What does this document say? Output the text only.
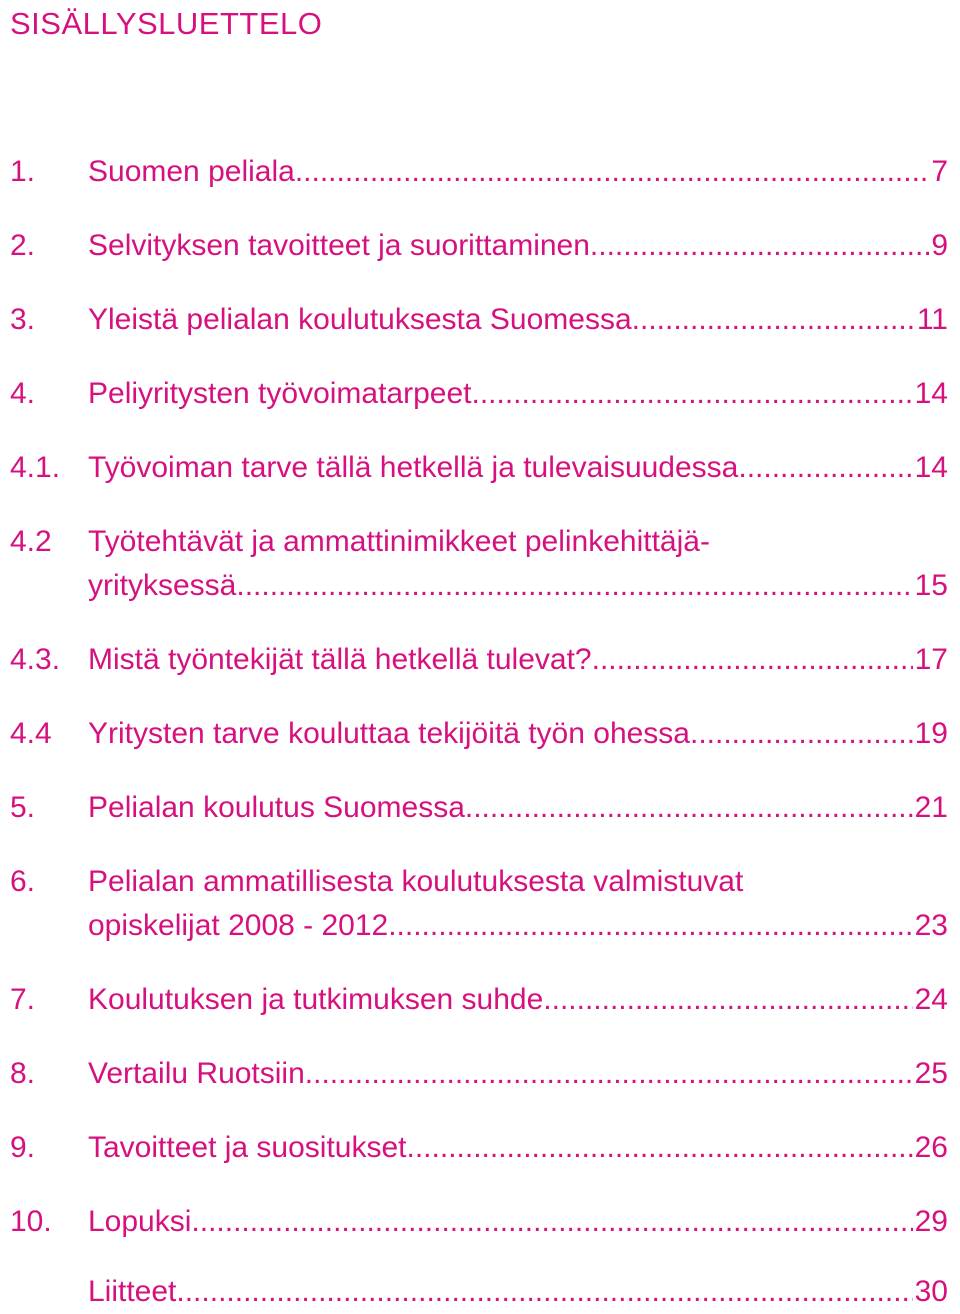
SISÄLLYSLUETTELO
1. Suomen peliala .....	7
2. Selvityksen tavoitteet ja suorittaminen .....	9
3. Yleistä pelialan koulutuksesta Suomessa .....	11
4. Peliyritysten työvoimatarpeet .....	14
4.1. Työvoiman tarve tällä hetkellä ja tulevaisuudessa .....	14
4.2 Työtehtävät ja ammattinimikkeet pelinkehittäjä-
yrityksessä .....	15
4.3. Mistä työntekijät tällä hetkellä tulevat? .....	17
4.4 Yritysten tarve kouluttaa tekijöitä työn ohessa .....	19
5. Pelialan koulutus Suomessa .....	21
6. Pelialan ammatillisesta koulutuksesta valmistuvat
opiskelijat 2008 - 2012 .....	23
7. Koulutuksen ja tutkimuksen suhde .....	24
8. Vertailu Ruotsiin .....	25
9. Tavoitteet ja suositukset .....	26
10. Lopuksi .....	29
Liitteet .....	30
